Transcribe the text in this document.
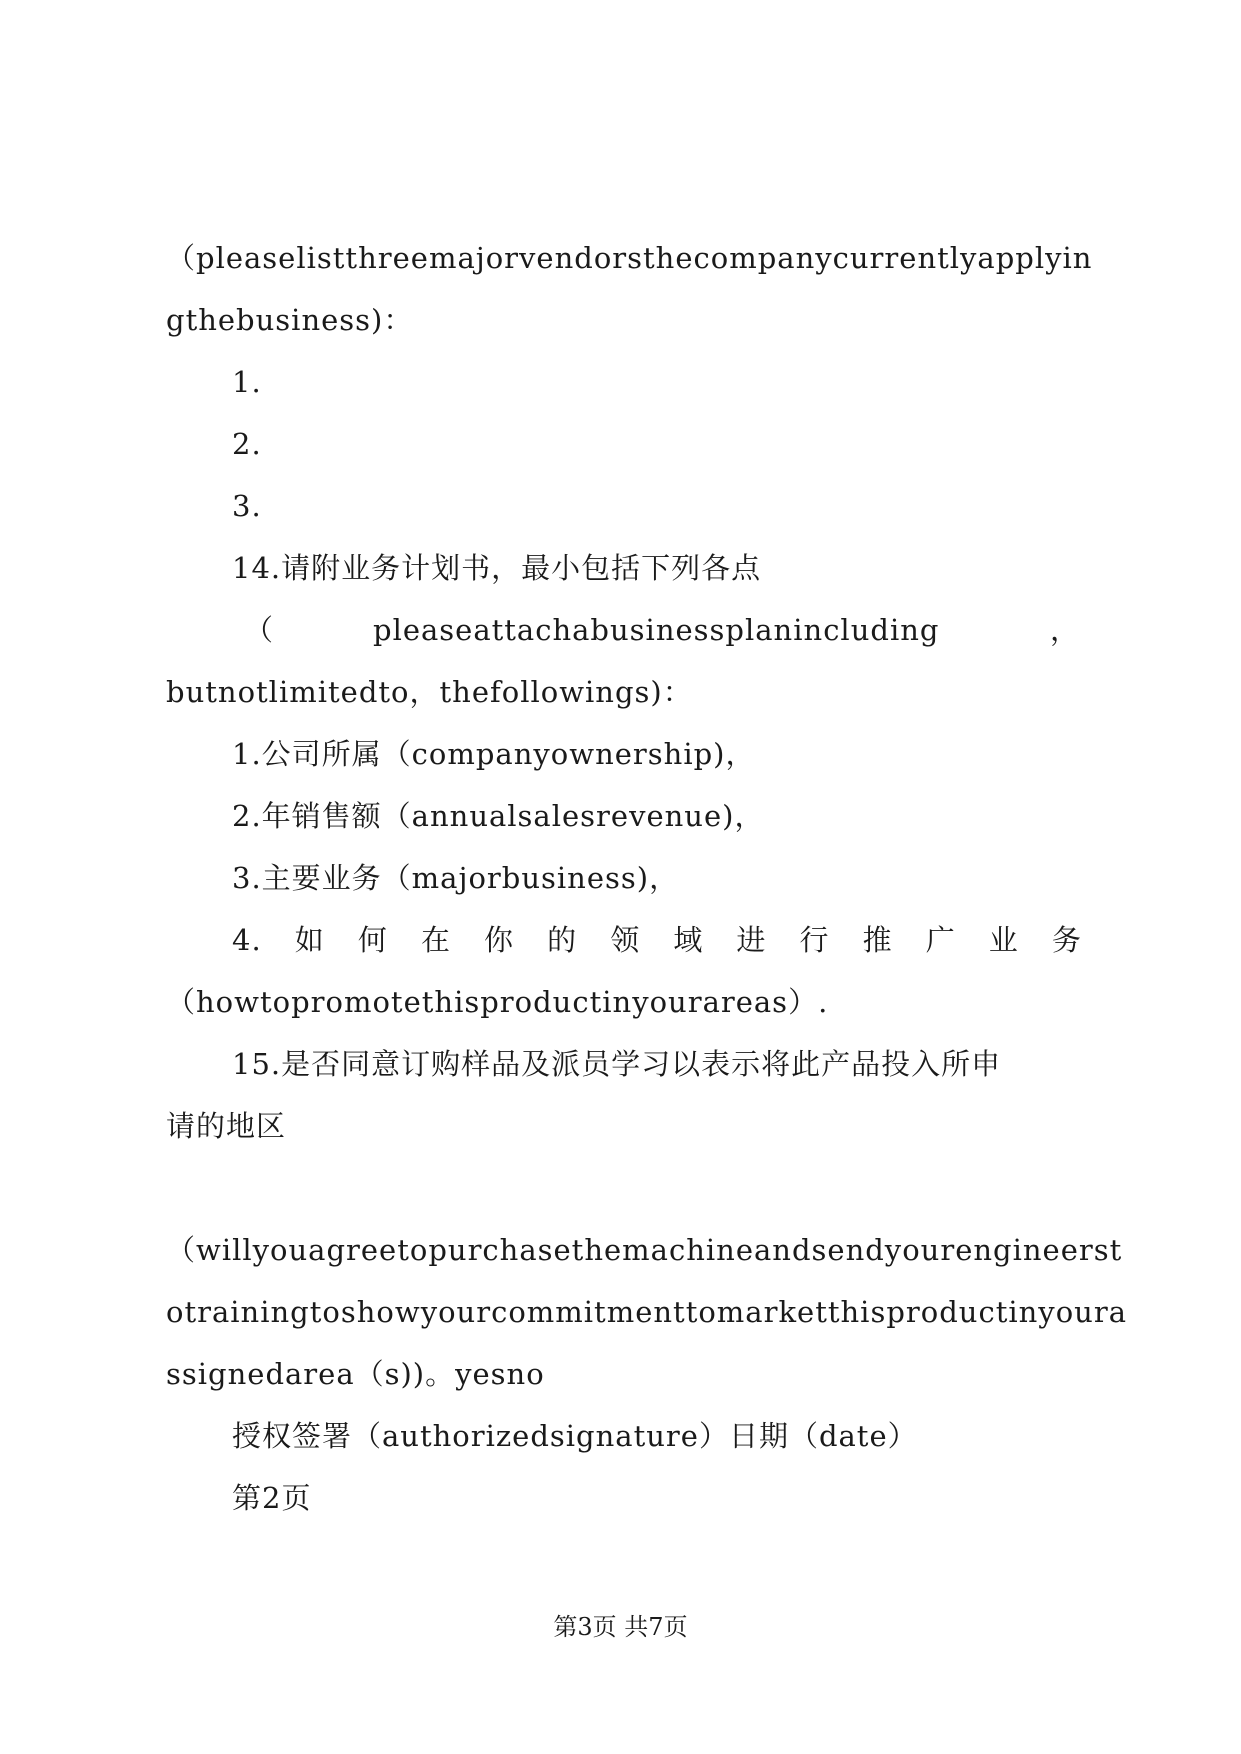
（pleaselistthreemajorvendorsthecompanycurrentlyapplyin
gthebusiness)：
1.
2.
3.
14.请附业务计划书，最小包括下列各点
（	pleaseattachabusinessplanincluding	，
butnotlimitedto，thefollowings)：
1.公司所属（companyownership)，
2.年销售额（annualsalesrevenue)，
3.主要业务（majorbusiness)，
4. 如 何 在 你 的 领 域 进 行 推 广 业 务
（howtopromotethisproductinyourareas）.
15.是否同意订购样品及派员学习以表示将此产品投入所申
请的地区
（willyouagreetopurchasethemachineandsendyourengineerst
otrainingtoshowyourcommitmenttomarketthisproductinyoura
ssignedarea（s))。yesno
授权签署（authorizedsignature）日期（date）
第2页
第3页 共7页
